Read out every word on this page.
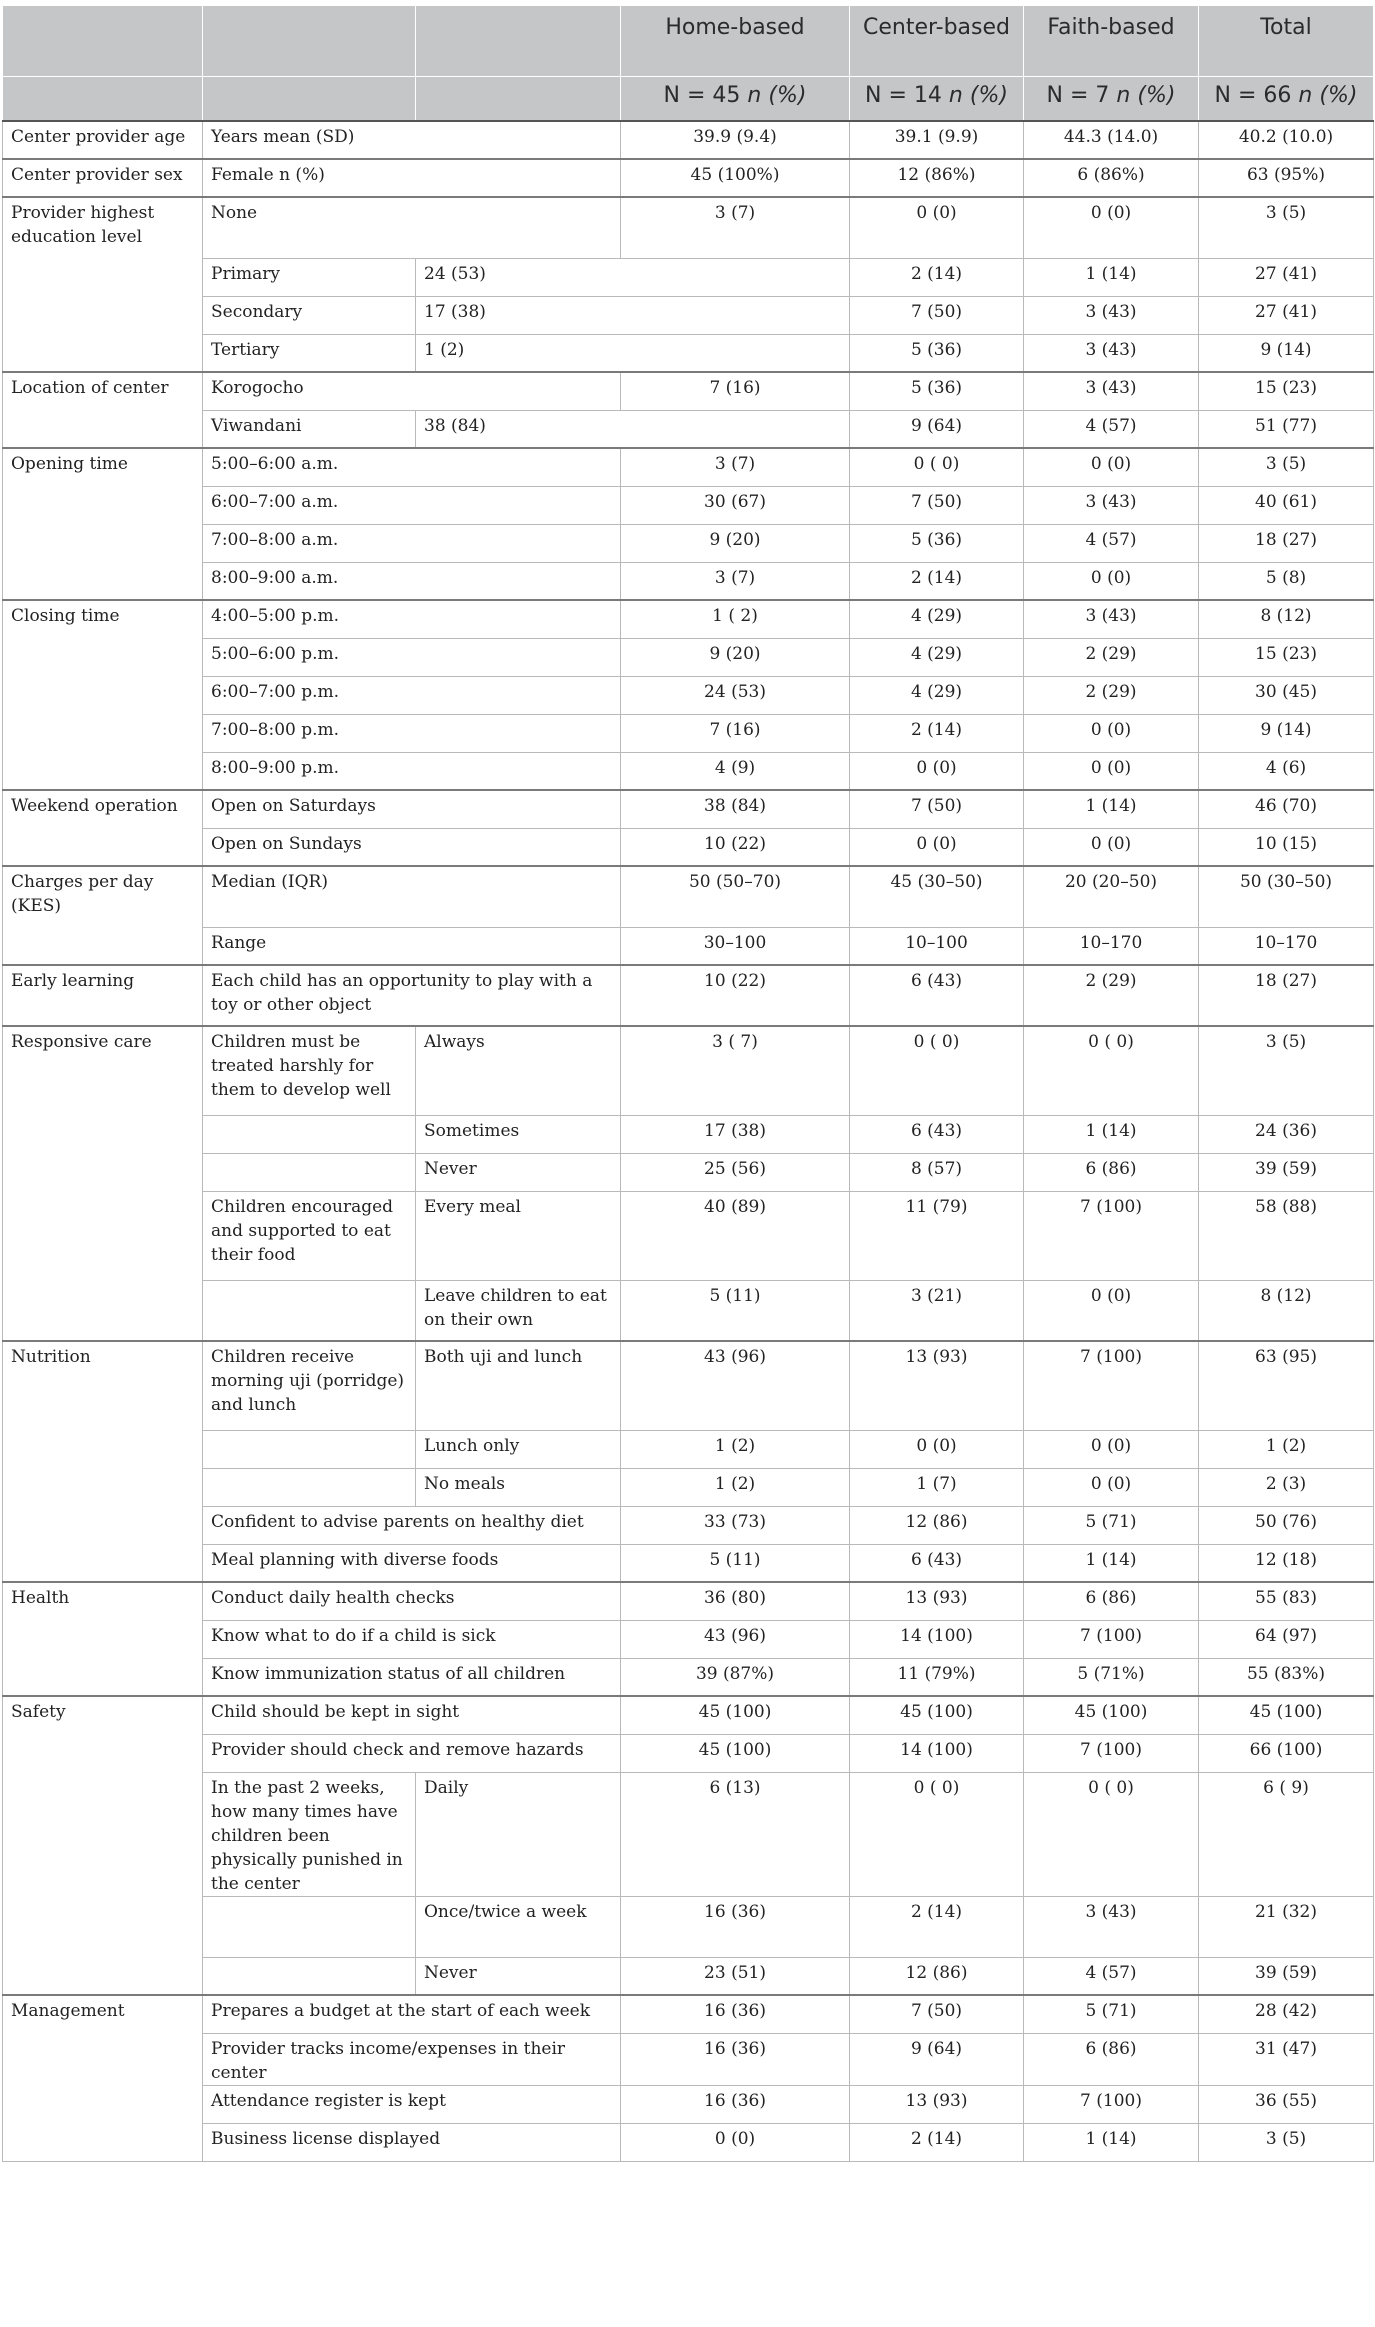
			Home-based	Center-based	Faith-based	Total
			N = 45 n (%)	N = 14 n (%)	N = 7 n (%)	N = 66 n (%)
Center provider age	Years mean (SD)		39.9 (9.4)	39.1 (9.9)	44.3 (14.0)	40.2 (10.0)
Center provider sex	Female n (%)		45 (100%)	12 (86%)	6 (86%)	63 (95%)
Provider highest education level	None		3 (7)	0 (0)	0 (0)	3 (5)
	Primary	24 (53)		2 (14)	1 (14)	27 (41)
	Secondary	17 (38)		7 (50)	3 (43)	27 (41)
	Tertiary	1 (2)		5 (36)	3 (43)	9 (14)
Location of center	Korogocho		7 (16)	5 (36)	3 (43)	15 (23)
	Viwandani	38 (84)		9 (64)	4 (57)	51 (77)
Opening time	5:00–6:00 a.m.		3 (7)	0 ( 0)	0 (0)	3 (5)
	6:00–7:00 a.m.		30 (67)	7 (50)	3 (43)	40 (61)
	7:00–8:00 a.m.		9 (20)	5 (36)	4 (57)	18 (27)
	8:00–9:00 a.m.		3 (7)	2 (14)	0 (0)	5 (8)
Closing time	4:00–5:00 p.m.		1 ( 2)	4 (29)	3 (43)	8 (12)
	5:00–6:00 p.m.		9 (20)	4 (29)	2 (29)	15 (23)
	6:00–7:00 p.m.		24 (53)	4 (29)	2 (29)	30 (45)
	7:00–8:00 p.m.		7 (16)	2 (14)	0 (0)	9 (14)
	8:00–9:00 p.m.		4 (9)	0 (0)	0 (0)	4 (6)
Weekend operation	Open on Saturdays		38 (84)	7 (50)	1 (14)	46 (70)
	Open on Sundays		10 (22)	0 (0)	0 (0)	10 (15)
Charges per day (KES)	Median (IQR)		50 (50–70)	45 (30–50)	20 (20–50)	50 (30–50)
	Range		30–100	10–100	10–170	10–170
Early learning	Each child has an opportunity to play with a toy or other object		10 (22)	6 (43)	2 (29)	18 (27)
Responsive care	Children must be treated harshly for them to develop well	Always	3 ( 7)	0 ( 0)	0 ( 0)	3 (5)
		Sometimes	17 (38)	6 (43)	1 (14)	24 (36)
		Never	25 (56)	8 (57)	6 (86)	39 (59)
	Children encouraged and supported to eat their food	Every meal	40 (89)	11 (79)	7 (100)	58 (88)
		Leave children to eat on their own	5 (11)	3 (21)	0 (0)	8 (12)
Nutrition	Children receive morning uji (porridge) and lunch	Both uji and lunch	43 (96)	13 (93)	7 (100)	63 (95)
		Lunch only	1 (2)	0 (0)	0 (0)	1 (2)
		No meals	1 (2)	1 (7)	0 (0)	2 (3)
	Confident to advise parents on healthy diet		33 (73)	12 (86)	5 (71)	50 (76)
	Meal planning with diverse foods		5 (11)	6 (43)	1 (14)	12 (18)
Health	Conduct daily health checks		36 (80)	13 (93)	6 (86)	55 (83)
	Know what to do if a child is sick		43 (96)	14 (100)	7 (100)	64 (97)
	Know immunization status of all children		39 (87%)	11 (79%)	5 (71%)	55 (83%)
Safety	Child should be kept in sight		45 (100)	45 (100)	45 (100)	45 (100)
	Provider should check and remove hazards		45 (100)	14 (100)	7 (100)	66 (100)
	In the past 2 weeks, how many times have children been physically punished in the center	Daily	6 (13)	0 ( 0)	0 ( 0)	6 ( 9)
		Once/twice a week	16 (36)	2 (14)	3 (43)	21 (32)
		Never	23 (51)	12 (86)	4 (57)	39 (59)
Management	Prepares a budget at the start of each week		16 (36)	7 (50)	5 (71)	28 (42)
	Provider tracks income/expenses in their center		16 (36)	9 (64)	6 (86)	31 (47)
	Attendance register is kept		16 (36)	13 (93)	7 (100)	36 (55)
	Business license displayed		0 (0)	2 (14)	1 (14)	3 (5)
